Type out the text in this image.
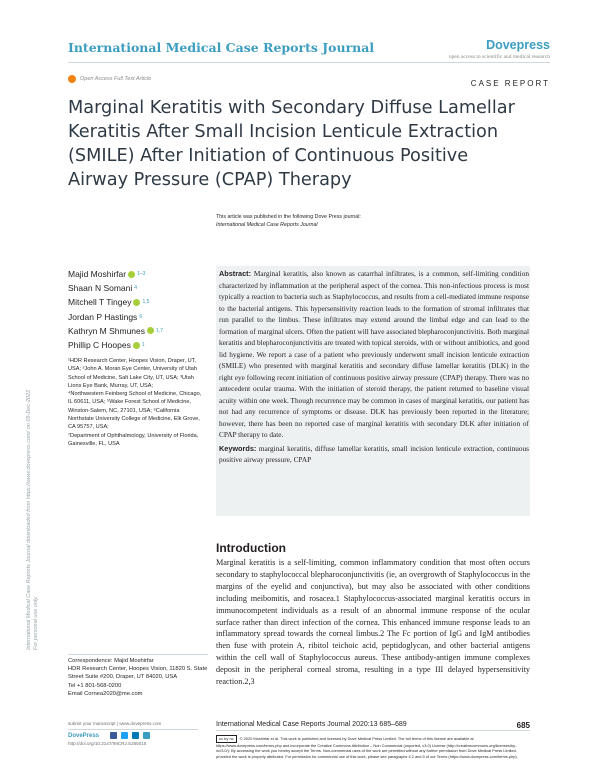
International Medical Case Reports Journal	Dovepress
open access to scientific and medical research
Open Access Full Text Article	CASE REPORT
Marginal Keratitis with Secondary Diffuse Lamellar
Keratitis After Small Incision Lenticule Extraction
(SMILE) After Initiation of Continuous Positive
Airway Pressure (CPAP) Therapy
This article was published in the following Dove Press journal:
International Medical Case Reports Journal
Majid Moshirfar 1–3
Shaan N Somani 4
Mitchell T Tingey 1,5
Jordan P Hastings 6
Kathryn M Shmunes 1,7
Phillip C Hoopes 1

¹HDR Research Center, Hoopes Vision, Draper, UT, USA; ²John A. Moran Eye Center, University of Utah School of Medicine, Salt Lake City, UT, USA; ³Utah Lions Eye Bank, Murray, UT, USA;

⁴Northwestern Feinberg School of Medicine, Chicago, IL 60611, USA; ⁵Wake Forest School of Medicine, Winston-Salem, NC, 27101, USA; ⁶California Northstate University College of Medicine, Elk Grove, CA 95757, USA;

⁷Department of Ophthalmology, University of Florida, Gainesville, FL, USA

Abstract: Marginal keratitis, also known as catarrhal infiltrates, is a common, self-limiting condition characterized by inflammation at the peripheral aspect of the cornea. This non-infectious process is most typically a reaction to bacteria such as Staphylococcus, and results from a cell-mediated immune response to the bacterial antigens. This hypersensitivity reaction leads to the formation of stromal infiltrates that run parallel to the limbus. These infiltrates may extend around the limbal edge and can lead to the formation of marginal ulcers. Often the patient will have associated blepharoconjunctivitis. Both marginal keratitis and blepharoconjunctivitis are treated with topical steroids, with or without antibiotics, and good lid hygiene. We report a case of a patient who previously underwent small incision lenticule extraction (SMILE) who presented with marginal keratitis and secondary diffuse lamellar keratitis (DLK) in the right eye following recent initiation of continuous positive airway pressure (CPAP) therapy. There was no antecedent ocular trauma. With the initiation of steroid therapy, the patient returned to baseline visual acuity within one week. Though recurrence may be common in cases of marginal keratitis, our patient has not had any recurrence of symptoms or disease. DLK has previously been reported in the literature; however, there has been no reported case of marginal keratitis with secondary DLK after initiation of CPAP therapy to date.
Keywords: marginal keratitis, diffuse lamellar keratitis, small incision lenticule extraction, continuous positive airway pressure, CPAP
Introduction
Marginal keratitis is a self-limiting, common inflammatory condition that most often occurs secondary to staphylococcal blepharoconjunctivitis (ie, an overgrowth of Staphylococcus in the margins of the eyelid and conjunctiva), but may also be associated with other conditions including meibomitis, and rosacea.1 Staphylococcus-associated marginal keratitis occurs in immunocompetent individuals as a result of an abnormal immune response of the ocular surface rather than direct infection of the cornea. This enhanced immune response leads to an inflammatory spread towards the corneal limbus.2 The Fc portion of IgG and IgM antibodies then fuse with protein A, ribitol teichoic acid, peptidoglycan, and other bacterial antigens within the cell wall of Staphylococcus aureus. These antibody-antigen immune complexes deposit in the peripheral corneal stroma, resulting in a type III delayed hypersensitivity reaction.2,3
Correspondence: Majid Moshirfar
HDR Research Center, Hoopes Vision, 11820 S. State Street Suite #200, Draper, UT 84020, USA
Tel +1 801-568-0200
Email Cornea2020@me.com
International Medical Case Reports Journal downloaded from https://www.dovepress.com/ on 05-Dec-2022 For personal use only.
submit your manuscript | www.dovepress.com
DovePress
http://doi.org/10.2147/IMCRJ.S265015
International Medical Case Reports Journal 2020:13 685–689	685
cc by nc © 2020 Moshirfar et al. This work is published and licensed by Dove Medical Press Limited. The full terms of this license are available at https://www.dovepress.com/terms.php and incorporate the Creative Commons Attribution – Non Commercial (unported, v3.0) License (http://creativecommons.org/licenses/by-nc/3.0/). By accessing the work you hereby accept the Terms. Non-commercial uses of the work are permitted without any further permission from Dove Medical Press Limited, provided the work is properly attributed. For permission for commercial use of this work, please see paragraphs 4.2 and 5 of our Terms (https://www.dovepress.com/terms.php).
